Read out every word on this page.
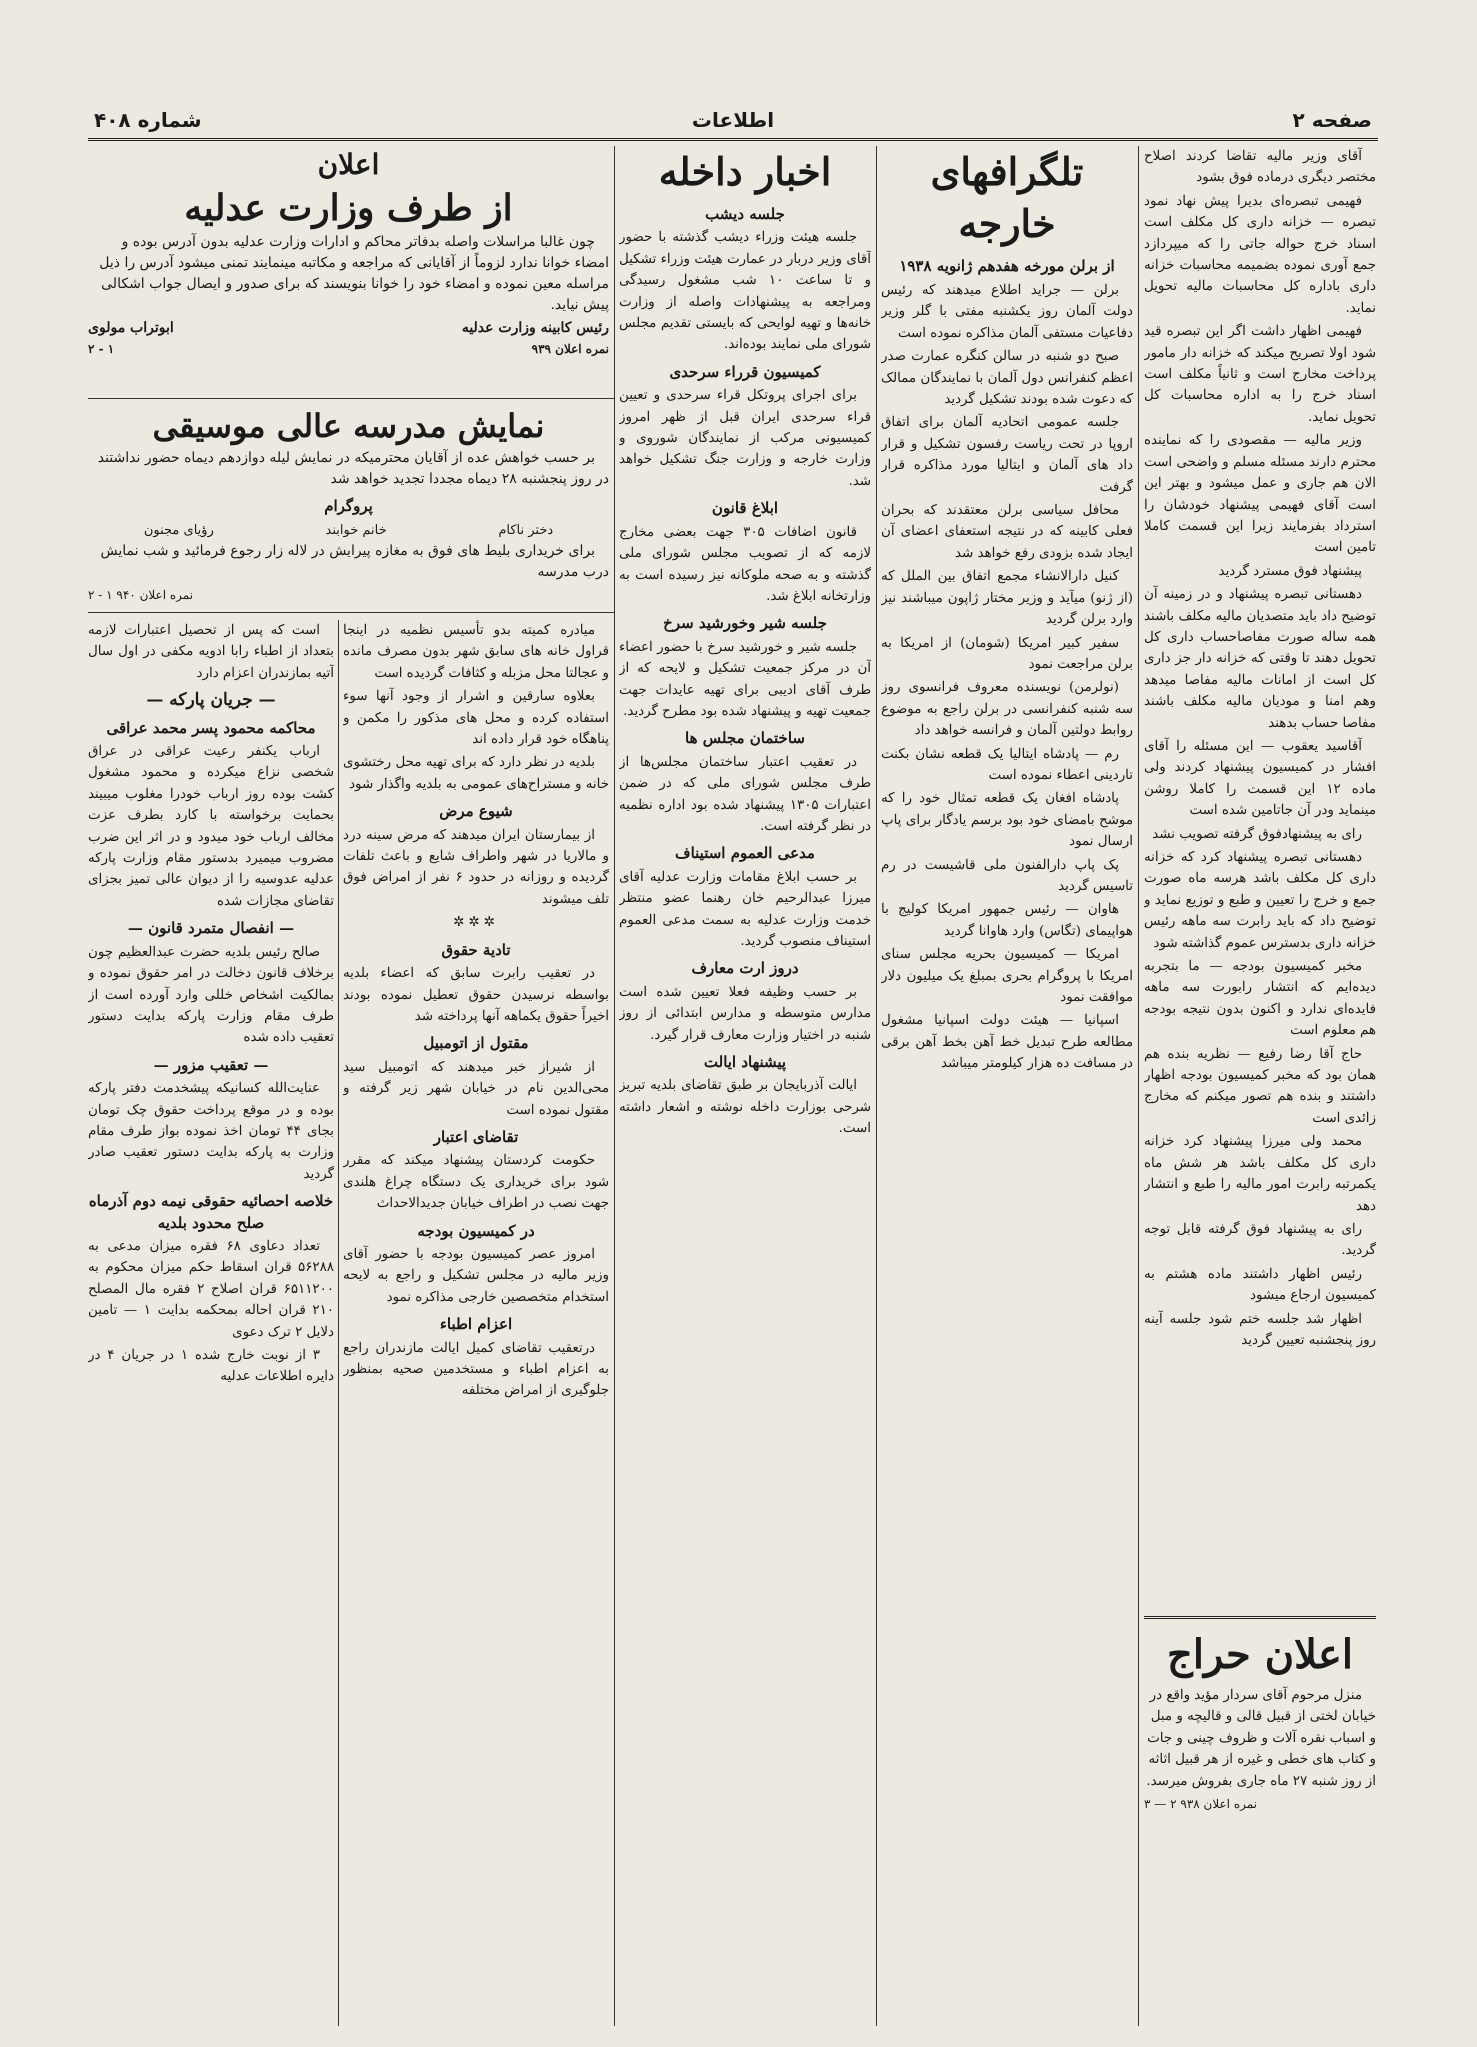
صفحه ۲
اطلاعات
شماره ۴۰۸

آقای وزیر مالیه تقاضا کردند اصلاح مختصر دیگری درماده فوق بشود

فهیمی تبصره‌ای بدیرا پیش نهاد نمود تبصره — خزانه داری کل مکلف است اسناد خرج حواله جاتی را که میپردازد جمع آوری نموده بضمیمه محاسبات خزانه داری باداره کل محاسبات مالیه تحویل نماید.

فهیمی اظهار داشت اگر این تبصره قید شود اولا تصریح میکند که خزانه دار مامور پرداخت مخارج است و ثانیاً مکلف است اسناد خرج را به اداره محاسبات کل تحویل نماید.

وزیر مالیه — مقصودی را که نماینده محترم دارند مسئله مسلم و واضحی است الان هم جاری و عمل میشود و بهتر این است آقای فهیمی پیشنهاد خودشان را استرداد بفرمایند زیرا این قسمت کاملا تامین است

پیشنهاد فوق مسترد گردید

دهستانی تبصره پیشنهاد و در زمینه آن توضیح داد باید متصدیان مالیه مکلف باشند همه ساله صورت مفاصاحساب داری کل تحویل دهند تا وقتی که خزانه دار جز داری کل است از امانات مالیه مفاصا میدهد وهم امنا و مودیان مالیه مکلف باشند مفاصا حساب بدهند

آقاسید یعقوب — این مسئله را آقای افشار در کمیسیون پیشنهاد کردند ولی ماده ۱۲ این قسمت را کاملا روشن مینماید ودر آن جاتامین شده است

رای به پیشنهادفوق گرفته تصویب نشد

دهستانی تبصره پیشنهاد کرد که خزانه داری کل مکلف باشد هرسه ماه صورت جمع و خرج را تعیین و طبع و توزیع نماید و توضیح داد که باید رابرت سه ماهه رئیس خزانه داری بدسترس عموم گذاشته شود

مخبر کمیسیون بودجه — ما بتجربه دیده‌ایم که انتشار رابورت سه ماهه فایده‌ای ندارد و اکنون بدون نتیجه بودجه هم معلوم است

حاج آقا رضا رفیع — نظریه بنده هم همان بود که مخبر کمیسیون بودجه اظهار داشتند و بنده هم تصور میکنم که مخارج زائدی است

محمد ولی میرزا پیشنهاد کرد خزانه داری کل مکلف باشد هر شش ماه یکمرتبه رابرت امور مالیه را طبع و انتشار دهد

رای به پیشنهاد فوق گرفته قابل توجه گردید.

رئیس اظهار داشتند ماده هشتم به کمیسیون ارجاع میشود

اظهار شد جلسه ختم شود جلسه آینه روز پنجشنبه تعیین گردید

اعلان حراج

منزل مرحوم آقای سردار مؤید واقع در خیابان لختی از قبیل قالی و قالیچه و مبل و اسباب نقره آلات و ظروف چینی و جات و کتاب های خطی و غیره از هر قبیل اثاثه از روز شنبه ۲۷ ماه جاری بفروش میرسد.

نمره اعلان ۹۳۸ ۲ — ۳
تلگرافهای خارجه
از برلن مورخه هفدهم ژانویه ۱۹۳۸

برلن — جراید اطلاع میدهند که رئیس دولت آلمان روز یکشنبه مفتی با گلر وزیر دفاعیات مستفی آلمان مذاکره نموده است

صبح دو شنبه در سالن کنگره عمارت صدر اعظم کنفرانس دول آلمان با نمایندگان ممالک که دعوت شده بودند تشکیل گردید

جلسه عمومی اتحادیه آلمان برای اتفاق اروپا در تحت ریاست رفسون تشکیل و قرار داد های آلمان و ایتالیا مورد مذاکره قرار گرفت

محافل سیاسی برلن معتقدند که بحران فعلی کابینه که در نتیجه استعفای اعضای آن ایجاد شده بزودی رفع خواهد شد

کنیل دارالانشاء مجمع اتفاق بین الملل که (از ژنو) میآید و وزیر مختار ژاپون میباشند نیز وارد برلن گردید

سفیر کبیر امریکا (شومان) از امریکا به برلن مراجعت نمود

(نولرمن) نویسنده معروف فرانسوی روز سه شنبه کنفرانسی در برلن راجع به موضوع روابط دولتین آلمان و فرانسه خواهد داد

رم — پادشاه ایتالیا یک قطعه نشان بکنت تاردینی اعطاء نموده است

پادشاه افغان یک قطعه تمثال خود را که موشح بامضای خود بود برسم یادگار برای پاپ ارسال نمود

پک پاپ دارالفنون ملی قاشیست در رم تاسیس گردید

هاوان — رئیس جمهور امریکا کولیج با هواپیمای (تگاس) وارد هاوانا گردید

امریکا — کمیسیون بحریه مجلس سنای امریکا با پروگرام بحری بمبلغ یک میلیون دلار موافقت نمود

اسپانیا — هیئت دولت اسپانیا مشغول مطالعه طرح تبدیل خط آهن بخط آهن برقی در مسافت ده هزار کیلومتر میباشد

اخبار داخله
جلسه دیشب

جلسه هیئت وزراء دیشب گذشته با حضور آقای وزیر دربار در عمارت هیئت وزراء تشکیل و تا ساعت ۱۰ شب مشغول رسیدگی ومراجعه به پیشنهادات واصله از وزارت خانه‌ها و تهیه لوایحی که بایستی تقدیم مجلس شورای ملی نمایند بوده‌اند.

کمیسیون قرراء سرحدی

برای اجرای پروتکل قراء سرحدی و تعیین قراء سرحدی ایران قبل از ظهر امروز کمیسیونی مرکب از نمایندگان شوروی و وزارت خارجه و وزارت جنگ تشکیل خواهد شد.

ابلاغ قانون

قانون اضافات ۳۰۵ جهت بعضی مخارج لازمه که از تصویب مجلس شورای ملی گذشته و به صحه ملوکانه نیز رسیده است به وزارتخانه ابلاغ شد.

جلسه شیر وخورشید سرخ

جلسه شیر و خورشید سرخ با حضور اعضاء آن در مرکز جمعیت تشکیل و لایحه که از طرف آقای ادیبی برای تهیه عایدات جهت جمعیت تهیه و پیشنهاد شده بود مطرح گردید.

ساختمان مجلس ها

در تعقیب اعتبار ساختمان مجلس‌ها از طرف مجلس شورای ملی که در ضمن اعتبارات ۱۳۰۵ پیشنهاد شده بود اداره نظمیه در نظر گرفته است.

مدعی العموم استیناف

بر حسب ابلاغ مقامات وزارت عدلیه آقای میرزا عبدالرحیم خان رهنما عضو منتظر خدمت وزارت عدلیه به سمت مدعی العموم استیناف منصوب گردید.

دروز ارت معارف

بر حسب وظیفه فعلا تعیین شده است مدارس متوسطه و مدارس ابتدائی از روز شنبه در اختیار وزارت معارف قرار گیرد.

پیشنهاد ایالت

ایالت آذربایجان بر طبق تقاضای بلدیه تبریز شرحی بوزارت داخله نوشته و اشعار داشته است.

اعلان
از طرف وزارت عدلیه

چون غالبا مراسلات واصله بدفاتر محاکم و ادارات وزارت عدلیه بدون آدرس بوده و امضاء خوانا ندارد لزوماً از آقایانی که مراجعه و مکاتبه مینمایند تمنی میشود آدرس را ذیل مراسله معین نموده و امضاء خود را خوانا بنویسند که برای صدور و ایصال جواب اشکالی پیش نیاید.

رئیس کابینه وزارت عدلیه
ابوتراب مولوی
نمره اعلان ۹۳۹
۱ - ۲
نمایش مدرسه عالی موسیقی

بر حسب خواهش عده از آقایان محترمیکه در نمایش لیله دوازدهم دیماه حضور نداشتند در روز پنجشنبه ۲۸ دیماه مجددا تجدید خواهد شد

پروگرام
دختر ناکام
خانم خوابند
رؤیای مجنون

برای خریداری بلیط های فوق به مغازه پیرایش در لاله زار رجوع فرمائید و شب نمایش درب مدرسه

نمره اعلان ۹۴۰ ۱ - ۲

میادره کمیته بدو تأسیس نظمیه در اینجا قراول خانه های سابق شهر بدون مصرف مانده و عجالتا محل مزبله و کثافات گردیده است

بعلاوه سارقین و اشرار از وجود آنها سوء استفاده کرده و محل های مذکور را مکمن و پناهگاه خود قرار داده اند

بلدیه در نظر دارد که برای تهیه محل رختشوی خانه و مستراح‌های عمومی به بلدیه واگذار شود

شیوع مرض

از بیمارستان ایران میدهند که مرض سینه درد و مالاریا در شهر واطراف شایع و باعث تلفات گردیده و روزانه در حدود ۶ نفر از امراض فوق تلف میشوند

✲✲✲
تادیة حقوق

در تعقیب رابرت سابق که اعضاء بلدیه بواسطه نرسیدن حقوق تعطیل نموده بودند اخیراً حقوق یکماهه آنها پرداخته شد

مقتول از اتومبیل

از شیراز خبر میدهند که اتومبیل سید محی‌الدین نام در خیابان شهر زیر گرفته و مقتول نموده است

تقاضای اعتبار

حکومت کردستان پیشنهاد میکند که مقرر شود برای خریداری یک دستگاه چراغ هلندی جهت نصب در اطراف خیابان جدیدالاحداث

در کمیسیون بودجه

امروز عصر کمیسیون بودجه با حضور آقای وزیر مالیه در مجلس تشکیل و راجع به لایحه استخدام متخصصین خارجی مذاکره نمود

اعزام اطباء

درتعقیب تقاضای کمیل ایالت مازندران راجع به اعزام اطباء و مستخدمین صحیه بمنظور جلوگیری از امراض مختلفه

است که پس از تحصیل اعتبارات لازمه بتعداد از اطباء رابا ادویه مکفی در اول سال آتیه بمازندران اعزام دارد

— جریان پارکه —
محاکمه محمود پسر محمد عراقی

ارباب یکنفر رعیت عراقی در عراق شخصی نزاع میکرده و محمود مشغول کشت بوده روز ارباب خودرا مغلوب میبیند بحمایت برخواسته با کارد بطرف عزت مخالف ارباب خود میدود و در اثر این ضرب مضروب میمیرد بدستور مقام وزارت پارکه عدلیه عدوسیه را از دیوان عالی تمیز بجزای تقاضای مجازات شده

— انفصال متمرد قانون —

صالح رئیس بلدیه حضرت عبدالعظیم چون برخلاف قانون دخالت در امر حقوق نموده و بمالکیت اشخاص خللی وارد آورده است از طرف مقام وزارت پارکه بدایت دستور تعقیب داده شده

— تعقیب مزور —

عنایت‌الله کسانیکه پیشخدمت دفتر پارکه بوده و در موقع پرداخت حقوق چک تومان بجای ۴۴ تومان اخذ نموده بواز طرف مقام وزارت به پارکه بدایت دستور تعقیب صادر گردید

خلاصه احصائیه حقوقی نیمه دوم آذرماه صلح محدود بلدیه

تعداد دعاوی ۶۸ فقره میزان مدعی به ۵۶۲۸۸ قران اسقاط حکم میزان محکوم به ۶۵۱۱۲۰۰ قران اصلاح ۲ فقره مال المصلح ۲۱۰ قران احاله بمحکمه بدایت ۱ — تامین دلایل ۲ ترک دعوی

۳ از نوبت خارج شده ۱ در جریان ۴ در دایره اطلاعات عدلیه
